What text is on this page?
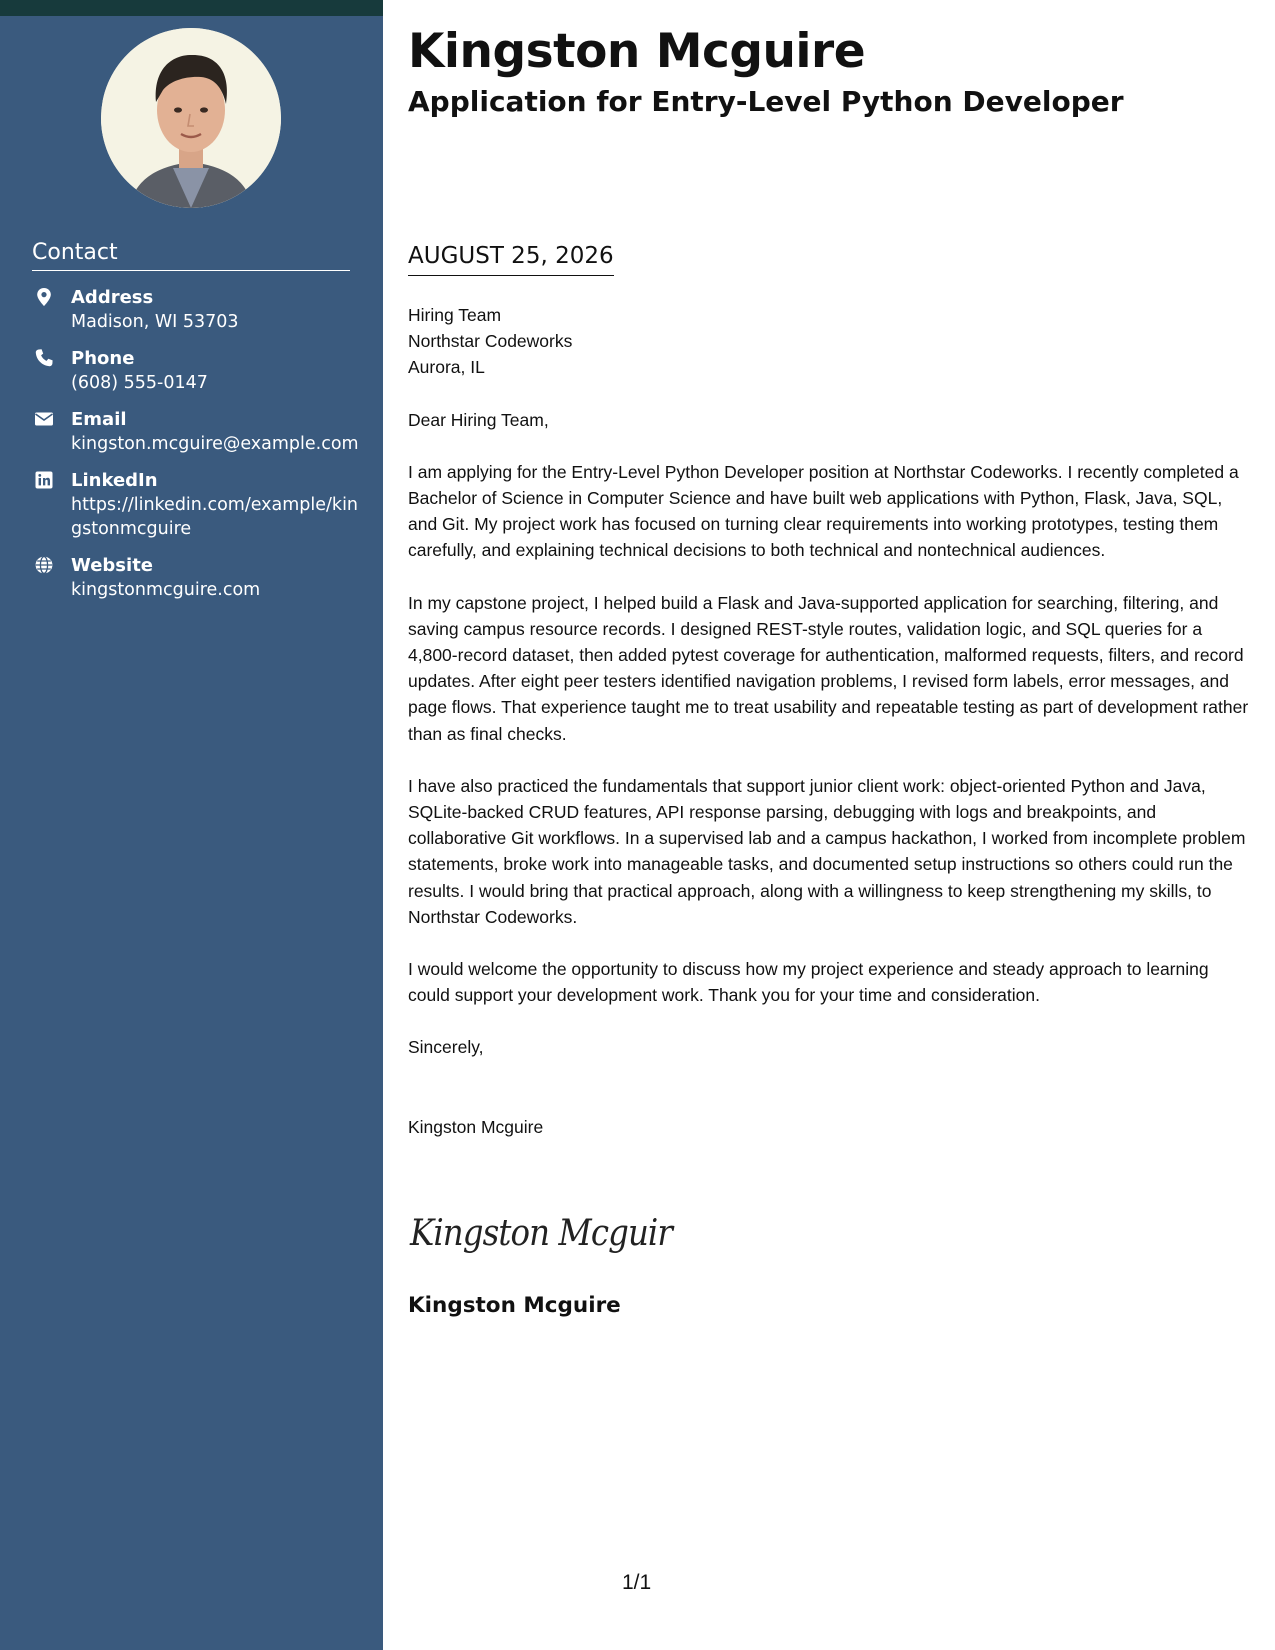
Contact
Address
Madison, WI 53703
Phone
(608) 555-0147
Email
kingston.mcguire@example.com
LinkedIn
https://linkedin.com/example/kingstonmcguire
Website
kingstonmcguire.com
Kingston Mcguire
Application for Entry-Level Python Developer
AUGUST 25, 2026

Hiring Team
Northstar Codeworks
Aurora, IL

Dear Hiring Team,

I am applying for the Entry-Level Python Developer position at Northstar Codeworks. I recently completed a Bachelor of Science in Computer Science and have built web applications with Python, Flask, Java, SQL, and Git. My project work has focused on turning clear requirements into working prototypes, testing them carefully, and explaining technical decisions to both technical and nontechnical audiences.

In my capstone project, I helped build a Flask and Java-supported application for searching, filtering, and saving campus resource records. I designed REST-style routes, validation logic, and SQL queries for a 4,800-record dataset, then added pytest coverage for authentication, malformed requests, filters, and record updates. After eight peer testers identified navigation problems, I revised form labels, error messages, and page flows. That experience taught me to treat usability and repeatable testing as part of development rather than as final checks.

I have also practiced the fundamentals that support junior client work: object-oriented Python and Java, SQLite-backed CRUD features, API response parsing, debugging with logs and breakpoints, and collaborative Git workflows. In a supervised lab and a campus hackathon, I worked from incomplete problem statements, broke work into manageable tasks, and documented setup instructions so others could run the results. I would bring that practical approach, along with a willingness to keep strengthening my skills, to Northstar Codeworks.

I would welcome the opportunity to discuss how my project experience and steady approach to learning could support your development work. Thank you for your time and consideration.

Sincerely,

Kingston Mcguire

Kingston Mcguir
Kingston Mcguire
1/1
